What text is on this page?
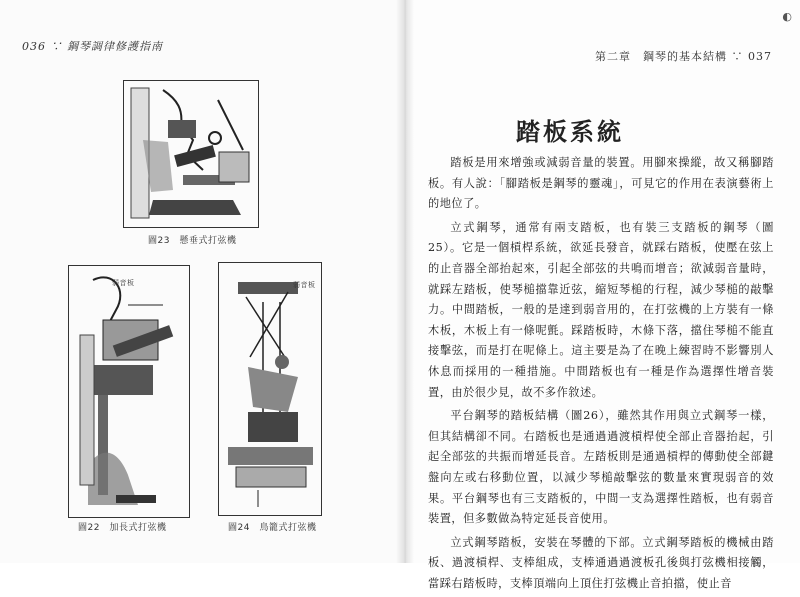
036 ∵ 鋼琴調律修護指南
◐
第二章　鋼琴的基本結構 ∵ 037
圖23　懸垂式打弦機
弱音板
圖22　加長式打弦機
弱音板
圖24　鳥籠式打弦機
踏板系統

踏板是用來增強或減弱音量的裝置。用腳來操縱，故又稱腳踏板。有人說：「腳踏板是鋼琴的靈魂」，可見它的作用在表演藝術上的地位了。

立式鋼琴，通常有兩支踏板，也有裝三支踏板的鋼琴（圖25）。它是一個槓桿系統，欲延長發音，就踩右踏板，使壓在弦上的止音器全部抬起來，引起全部弦的共鳴而增音；欲減弱音量時，就踩左踏板，使琴槌擋靠近弦，縮短琴槌的行程，減少琴槌的敲擊力。中間踏板，一般的是達到弱音用的，在打弦機的上方裝有一條木板，木板上有一條呢氈。踩踏板時，木條下落，擋住琴槌不能直接擊弦，而是打在呢條上。這主要是為了在晚上練習時不影響別人休息而採用的一種措施。中間踏板也有一種是作為選擇性增音裝置，由於很少見，故不多作敘述。

平台鋼琴的踏板結構（圖26），雖然其作用與立式鋼琴一樣，但其結構卻不同。右踏板也是通過過渡槓桿使全部止音器抬起，引起全部弦的共振而增延長音。左踏板則是通過槓桿的傳動使全部鍵盤向左或右移動位置，以減少琴槌敲擊弦的數量來實現弱音的效果。平台鋼琴也有三支踏板的，中間一支為選擇性踏板，也有弱音裝置，但多數做為特定延長音使用。

立式鋼琴踏板，安裝在琴體的下部。立式鋼琴踏板的機械由踏板、過渡槓桿、支棒組成，支棒通過過渡板孔後與打弦機相接觸，當踩右踏板時，支棒頂端向上頂住打弦機止音拍擋，使止音
